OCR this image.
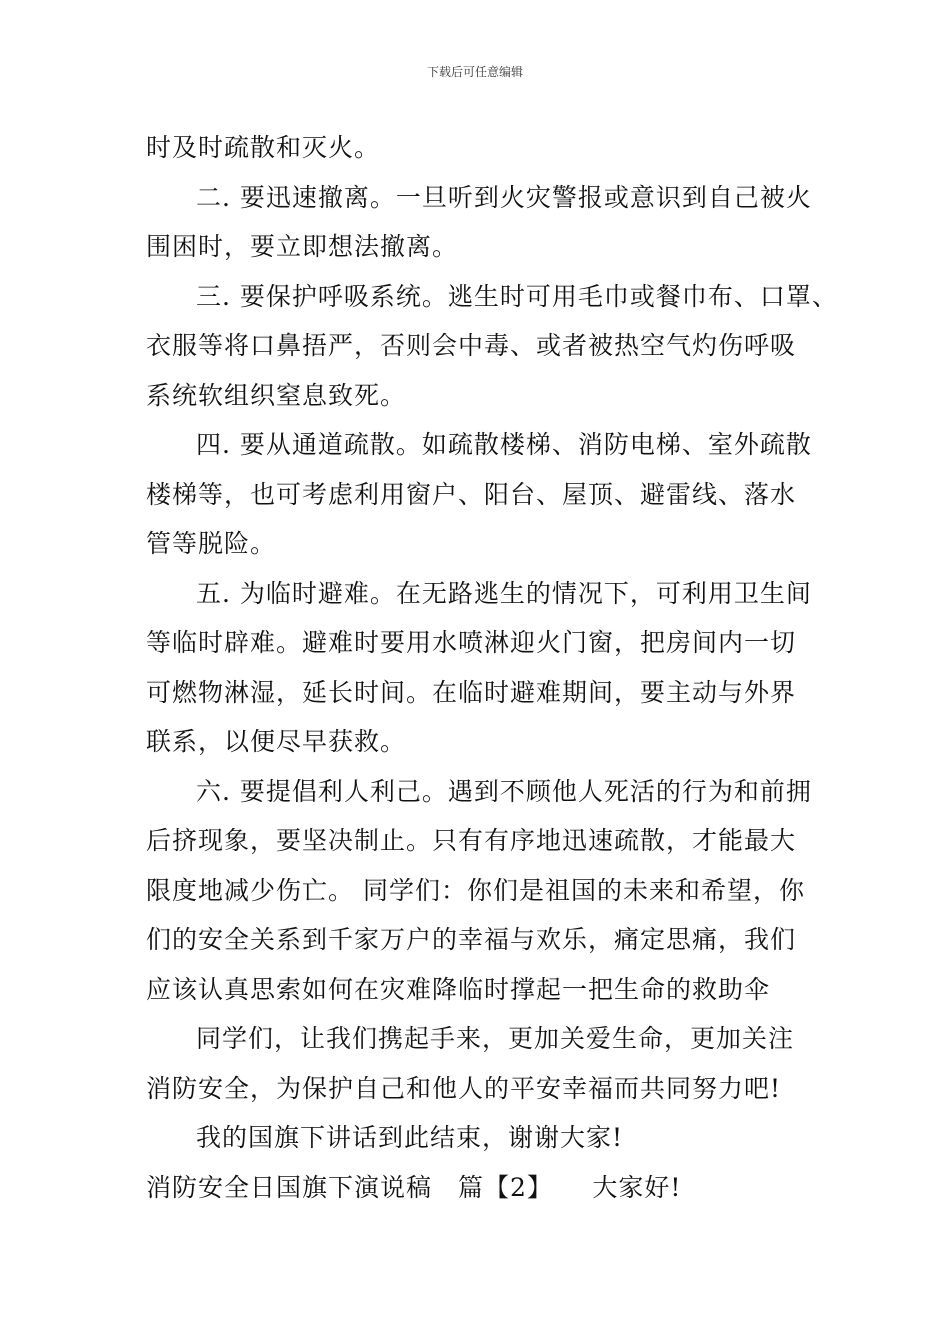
下载后可任意编辑
时及时疏散和灭火。
二. 要迅速撤离。一旦听到火灾警报或意识到自己被火
围困时，要立即想法撤离。
三. 要保护呼吸系统。逃生时可用毛巾或餐巾布、口罩、
衣服等将口鼻捂严，否则会中毒、或者被热空气灼伤呼吸
系统软组织窒息致死。
四. 要从通道疏散。如疏散楼梯、消防电梯、室外疏散
楼梯等，也可考虑利用窗户、阳台、屋顶、避雷线、落水
管等脱险。
五. 为临时避难。在无路逃生的情况下，可利用卫生间
等临时辟难。避难时要用水喷淋迎火门窗，把房间内一切
可燃物淋湿，延长时间。在临时避难期间，要主动与外界
联系，以便尽早获救。
六. 要提倡利人利己。遇到不顾他人死活的行为和前拥
后挤现象，要坚决制止。只有有序地迅速疏散，才能最大
限度地减少伤亡。 同学们：你们是祖国的未来和希望，你
们的安全关系到千家万户的幸福与欢乐，痛定思痛，我们
应该认真思索如何在灾难降临时撑起一把生命的救助伞
同学们，让我们携起手来，更加关爱生命，更加关注
消防安全，为保护自己和他人的平安幸福而共同努力吧!
我的国旗下讲话到此结束，谢谢大家!
消防安全日国旗下演说稿　篇【2】　　大家好!
